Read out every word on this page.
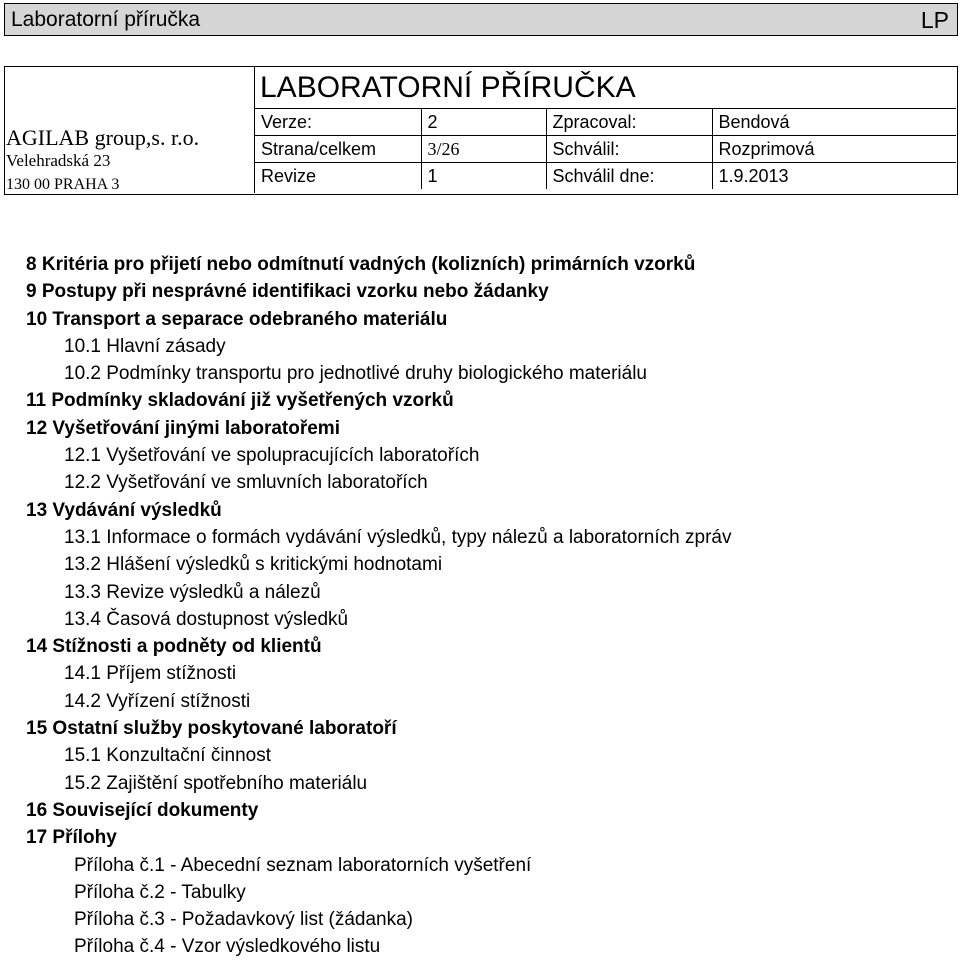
Laboratorní příručka	LP
AGILAB group,s. r.o.
Velehradská 23
130 00 PRAHA 3
LABORATORNÍ PŘÍRUČKA
Verze:	2	Zpracoval:	Bendová
Strana/celkem	3/26	Schválil:	Rozprimová
Revize	1	Schválil dne:	1.9.2013
8 Kritéria pro přijetí nebo odmítnutí vadných (kolizních) primárních vzorků
9 Postupy při nesprávné identifikaci vzorku nebo žádanky
10 Transport a separace odebraného materiálu
10.1 Hlavní zásady
10.2 Podmínky transportu pro jednotlivé druhy biologického materiálu
11 Podmínky skladování již vyšetřených vzorků
12 Vyšetřování jinými laboratořemi
12.1 Vyšetřování ve spolupracujících laboratořích
12.2 Vyšetřování ve smluvních laboratořích
13 Vydávání výsledků
13.1 Informace o formách vydávání výsledků, typy nálezů a laboratorních zpráv
13.2 Hlášení výsledků s kritickými hodnotami
13.3 Revize výsledků a nálezů
13.4 Časová dostupnost výsledků
14 Stížnosti a podněty od klientů
14.1 Příjem stížnosti
14.2 Vyřízení stížnosti
15 Ostatní služby poskytované laboratoří
15.1 Konzultační činnost
15.2 Zajištění spotřebního materiálu
16 Související dokumenty
17 Přílohy
Příloha č.1 - Abecední seznam laboratorních vyšetření
Příloha č.2 - Tabulky
Příloha č.3 - Požadavkový list (žádanka)
Příloha č.4 - Vzor výsledkového listu
